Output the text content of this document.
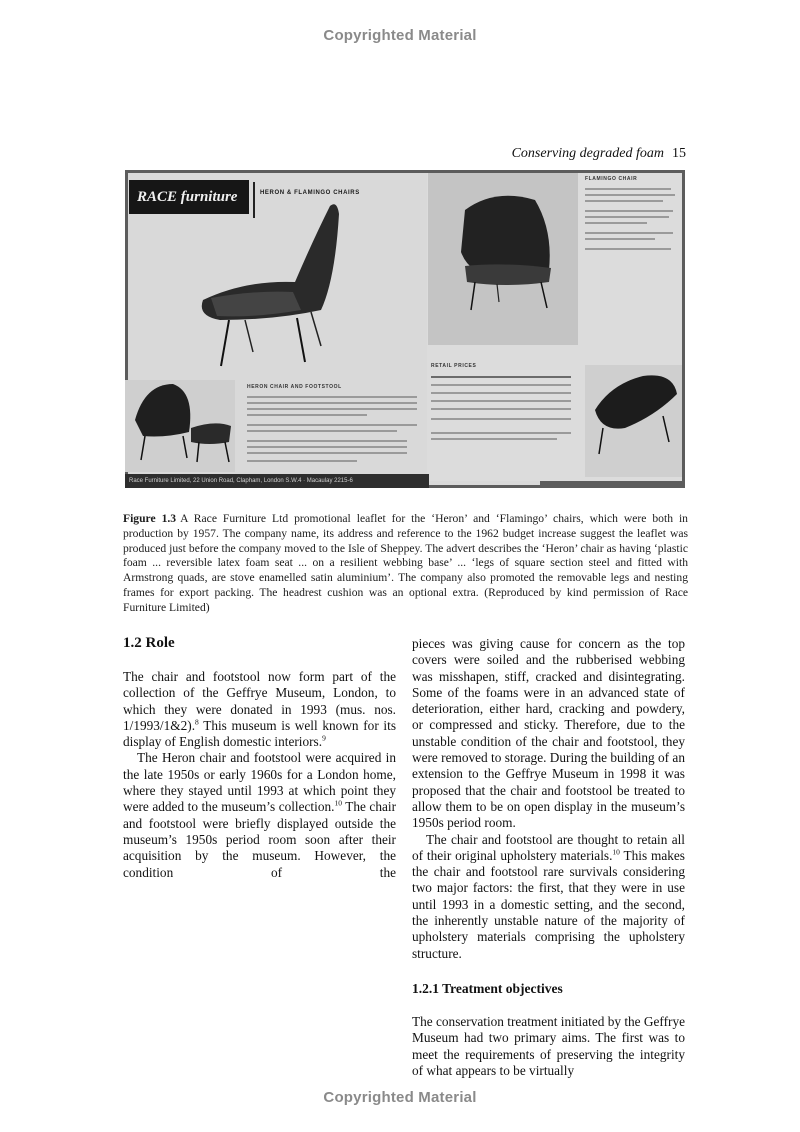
Copyrighted Material
Conserving degraded foam 15
RACE furniture	HERON & FLAMINGO CHAIRS
FLAMINGO CHAIR
RETAIL PRICES
HERON CHAIR AND FOOTSTOOL
Race Furniture Limited, 22 Union Road, Clapham, London S.W.4 · Macaulay 2215-6
Figure 1.3 A Race Furniture Ltd promotional leaflet for the ‘Heron’ and ‘Flamingo’ chairs, which were both in production by 1957. The company name, its address and reference to the 1962 budget increase suggest the leaflet was produced just before the company moved to the Isle of Sheppey. The advert describes the ‘Heron’ chair as having ‘plastic foam ... reversible latex foam seat ... on a resilient webbing base’ ... ‘legs of square section steel and fitted with Armstrong quads, are stove enamelled satin aluminium’. The company also promoted the removable legs and nesting frames for export packing. The headrest cushion was an optional extra. (Reproduced by kind permission of Race Furniture Limited)
1.2 Role

The chair and footstool now form part of the collection of the Geffrye Museum, London, to which they were donated in 1993 (mus. nos. 1/1993/1&2).$^8$ This museum is well known for its display of English domestic interiors.$^9$

The Heron chair and footstool were acquired in the late 1950s or early 1960s for a London home, where they stayed until 1993 at which point they were added to the museum’s collection.$^{10}$ The chair and footstool were briefly displayed outside the museum’s 1950s period room soon after their acquisition by the museum. However, the condition of the

pieces was giving cause for concern as the top covers were soiled and the rubberised webbing was misshapen, stiff, cracked and disintegrating. Some of the foams were in an advanced state of deterioration, either hard, cracking and powdery, or compressed and sticky. Therefore, due to the unstable condition of the chair and footstool, they were removed to storage. During the building of an extension to the Geffrye Museum in 1998 it was proposed that the chair and footstool be treated to allow them to be on open display in the museum’s 1950s period room.

The chair and footstool are thought to retain all of their original upholstery materials.$^{10}$ This makes the chair and footstool rare survivals considering two major factors: the first, that they were in use until 1993 in a domestic setting, and the second, the inherently unstable nature of the majority of upholstery materials comprising the upholstery structure.

1.2.1 Treatment objectives

The conservation treatment initiated by the Geffrye Museum had two primary aims. The first was to meet the requirements of preserving the integrity of what appears to be virtually

Copyrighted Material
